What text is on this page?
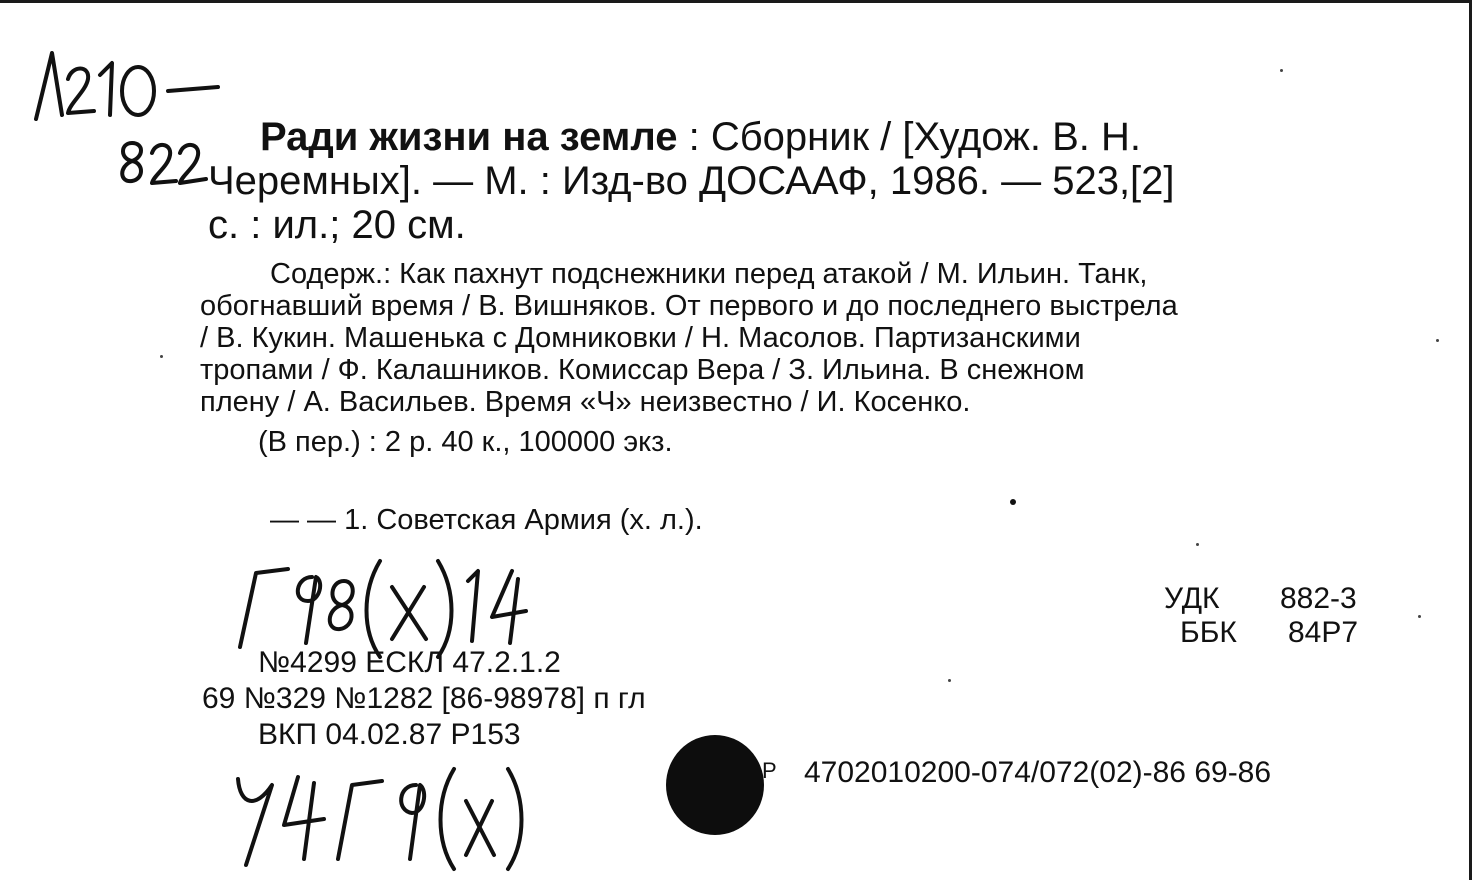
Ради жизни на земле : Сборник / [Худож. В. Н.
Черемных]. — М. : Изд-во ДОСААФ, 1986. — 523,[2]
с. : ил.; 20 см.
Содерж.: Как пахнут подснежники перед атакой / М. Ильин. Танк,
обогнавший время / В. Вишняков. От первого и до последнего выстрела
/ В. Кукин. Машенька с Домниковки / Н. Масолов. Партизанскими
тропами / Ф. Калашников. Комиссар Вера / З. Ильина. В снежном
плену / А. Васильев. Время «Ч» неизвестно / И. Косенко.
(В пер.) : 2 р. 40 к., 100000 экз.
— — 1. Советская Армия (х. л.).
УДК 882-3
ББК 84Р7
№4299 ЕСКЛ 47.2.1.2
69 №329 №1282 [86-98978] п гл
ВКП 04.02.87 Р153
Р 4702010200-074/072(02)-86 69-86
